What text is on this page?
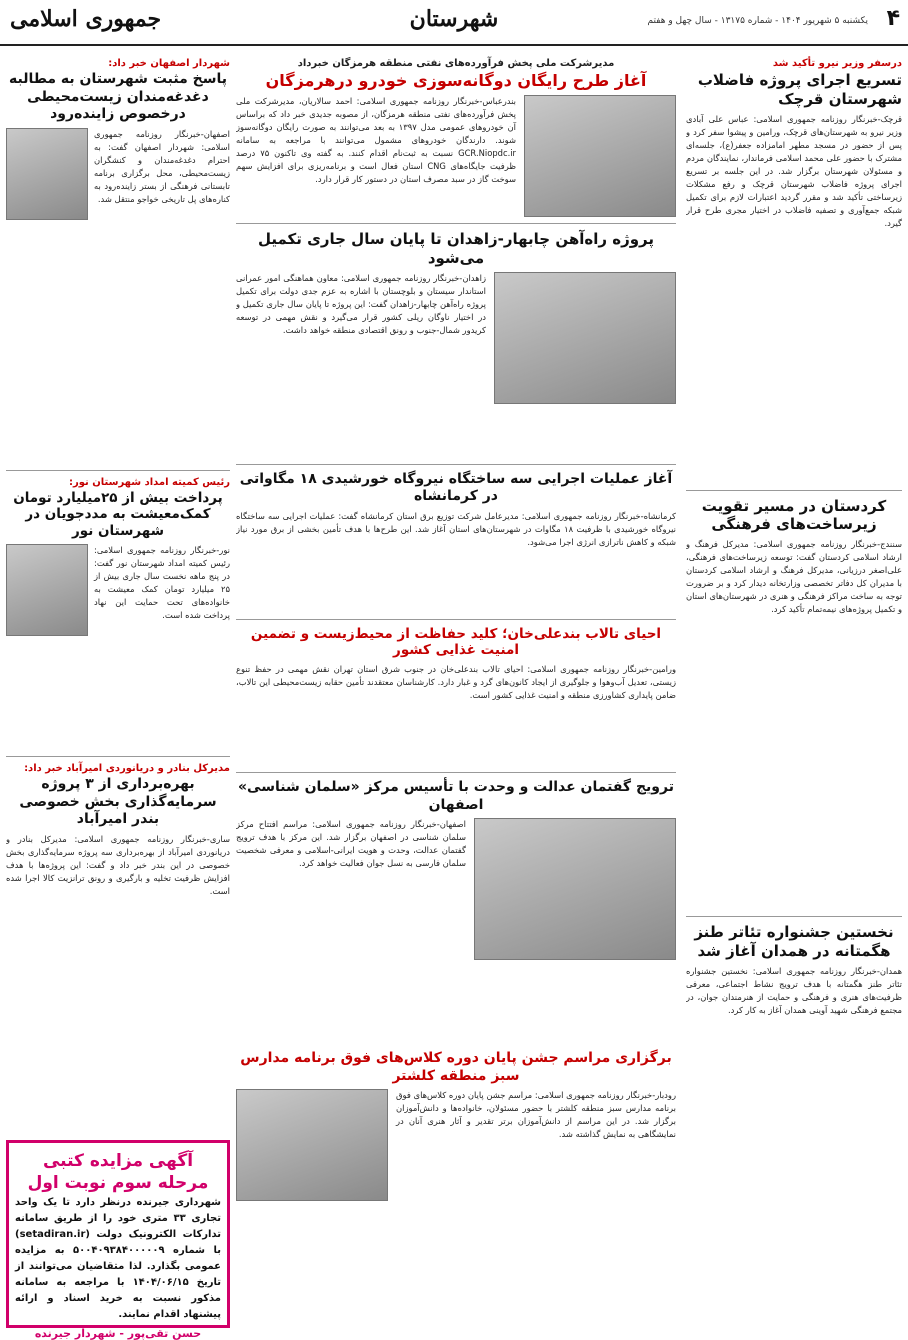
۴
یکشنبه ۵ شهریور ۱۴۰۴ - شماره ۱۳۱۷۵ - سال چهل و هفتم
شهرستان
جمهوری اسلامی
درسفر وزیر نیرو تأکید شد
تسریع اجرای پروژه فاضلاب شهرستان قرچک

قرچک-خبرنگار روزنامه جمهوری اسلامی: عباس علی آبادی وزیر نیرو به شهرستان‌های قرچک، ورامین و پیشوا سفر کرد و پس از حضور در مسجد مطهر امامزاده جعفر(ع)، جلسه‌ای مشترک با حضور علی محمد اسلامی فرماندار، نمایندگان مردم و مسئولان شهرستان برگزار شد. در این جلسه بر تسریع اجرای پروژه فاضلاب شهرستان قرچک و رفع مشکلات زیرساختی تأکید شد و مقرر گردید اعتبارات لازم برای تکمیل شبکه جمع‌آوری و تصفیه فاضلاب در اختیار مجری طرح قرار گیرد.

کردستان در مسیر تقویت زیرساخت‌های فرهنگی

سنندج-خبرنگار روزنامه جمهوری اسلامی: مدیرکل فرهنگ و ارشاد اسلامی کردستان گفت: توسعه زیرساخت‌های فرهنگی، علی‌اصغر درزیانی، مدیرکل فرهنگ و ارشاد اسلامی کردستان با مدیران کل دفاتر تخصصی وزارتخانه دیدار کرد و بر ضرورت توجه به ساخت مراکز فرهنگی و هنری در شهرستان‌های استان و تکمیل پروژه‌های نیمه‌تمام تأکید کرد.

نخستین جشنواره تئاتر طنز هگمتانه در همدان آغاز شد

همدان-خبرنگار روزنامه جمهوری اسلامی: نخستین جشنواره تئاتر طنز هگمتانه با هدف ترویج نشاط اجتماعی، معرفی ظرفیت‌های هنری و فرهنگی و حمایت از هنرمندان جوان، در مجتمع فرهنگی شهید آوینی همدان آغاز به کار کرد.

مدیرشرکت ملی پخش فرآورده‌های نفتی منطقه هرمزگان خبرداد
آغاز طرح رایگان دوگانه‌سوزی خودرو درهرمزگان

بندرعباس-خبرنگار روزنامه جمهوری اسلامی: احمد سالاریان، مدیرشرکت ملی پخش فرآورده‌های نفتی منطقه هرمزگان، از مصوبه جدیدی خبر داد که براساس آن خودروهای عمومی مدل ۱۳۹۷ به بعد می‌توانند به صورت رایگان دوگانه‌سوز شوند. دارندگان خودروهای مشمول می‌توانند با مراجعه به سامانه GCR.Niopdc.ir نسبت به ثبت‌نام اقدام کنند. به گفته وی تاکنون ۷۵ درصد ظرفیت جایگاه‌های CNG استان فعال است و برنامه‌ریزی برای افزایش سهم سوخت گاز در سبد مصرف استان در دستور کار قرار دارد.

پروژه راه‌آهن چابهار-زاهدان تا پایان سال جاری تکمیل می‌شود

زاهدان-خبرنگار روزنامه جمهوری اسلامی: معاون هماهنگی امور عمرانی استاندار سیستان و بلوچستان با اشاره به عزم جدی دولت برای تکمیل پروژه راه‌آهن چابهار-زاهدان گفت: این پروژه تا پایان سال جاری تکمیل و در اختیار ناوگان ریلی کشور قرار می‌گیرد و نقش مهمی در توسعه کریدور شمال-جنوب و رونق اقتصادی منطقه خواهد داشت.

آغاز عملیات اجرایی سه ساختگاه نیروگاه خورشیدی ۱۸ مگاواتی در کرمانشاه

کرمانشاه-خبرنگار روزنامه جمهوری اسلامی: مدیرعامل شرکت توزیع برق استان کرمانشاه گفت: عملیات اجرایی سه ساختگاه نیروگاه خورشیدی با ظرفیت ۱۸ مگاوات در شهرستان‌های استان آغاز شد. این طرح‌ها با هدف تأمین بخشی از برق مورد نیاز شبکه و کاهش ناترازی انرژی اجرا می‌شود.

احیای تالاب بندعلی‌خان؛ کلید حفاظت از محیط‌زیست و تضمین امنیت غذایی کشور

ورامین-خبرنگار روزنامه جمهوری اسلامی: احیای تالاب بندعلی‌خان در جنوب شرق استان تهران نقش مهمی در حفظ تنوع زیستی، تعدیل آب‌وهوا و جلوگیری از ایجاد کانون‌های گرد و غبار دارد. کارشناسان معتقدند تأمین حقابه زیست‌محیطی این تالاب، ضامن پایداری کشاورزی منطقه و امنیت غذایی کشور است.

ترویج گفتمان عدالت و وحدت با تأسیس مرکز «سلمان شناسی» اصفهان

اصفهان-خبرنگار روزنامه جمهوری اسلامی: مراسم افتتاح مرکز سلمان شناسی در اصفهان برگزار شد. این مرکز با هدف ترویج گفتمان عدالت، وحدت و هویت ایرانی-اسلامی و معرفی شخصیت سلمان فارسی به نسل جوان فعالیت خواهد کرد.

برگزاری مراسم جشن پایان دوره کلاس‌های فوق برنامه مدارس سبز منطقه کلشتر

رودبار-خبرنگار روزنامه جمهوری اسلامی: مراسم جشن پایان دوره کلاس‌های فوق برنامه مدارس سبز منطقه کلشتر با حضور مسئولان، خانواده‌ها و دانش‌آموزان برگزار شد. در این مراسم از دانش‌آموزان برتر تقدیر و آثار هنری آنان در نمایشگاهی به نمایش گذاشته شد.

شهردار اصفهان خبر داد:
پاسخ مثبت شهرستان به مطالبه دغدغه‌مندان زیست‌محیطی درخصوص زاینده‌رود

اصفهان-خبرنگار روزنامه جمهوری اسلامی: شهردار اصفهان گفت: به احترام دغدغه‌مندان و کنشگران زیست‌محیطی، محل برگزاری برنامه تابستانی فرهنگی از بستر زاینده‌رود به کناره‌های پل تاریخی خواجو منتقل شد.

رئیس کمیته امداد شهرستان نور:
پرداخت بیش از ۲۵میلیارد تومان کمک‌معیشت به مددجویان در شهرستان نور

نور-خبرنگار روزنامه جمهوری اسلامی: رئیس کمیته امداد شهرستان نور گفت: در پنج ماهه نخست سال جاری بیش از ۲۵ میلیارد تومان کمک معیشت به خانواده‌های تحت حمایت این نهاد پرداخت شده است.

مدیرکل بنادر و دریانوردی امیرآباد خبر داد:
بهره‌برداری از ۳ پروژه سرمایه‌گذاری بخش خصوصی بندر امیرآباد

ساری-خبرنگار روزنامه جمهوری اسلامی: مدیرکل بنادر و دریانوردی امیرآباد از بهره‌برداری سه پروژه سرمایه‌گذاری بخش خصوصی در این بندر خبر داد و گفت: این پروژه‌ها با هدف افزایش ظرفیت تخلیه و بارگیری و رونق ترانزیت کالا اجرا شده است.

آگهی مزایده کتبی
مرحله سوم نوبت اول
شهرداری جیرنده درنظر دارد تا یک واحد تجاری ۳۳ متری خود را از طریق سامانه تدارکات الکترونیک دولت (setadiran.ir) با شماره ۵۰۰۴۰۹۳۸۴۰۰۰۰۰۹ به مزایده عمومی بگذارد. لذا متقاضیان می‌توانند از تاریخ ۱۴۰۴/۰۶/۱۵ با مراجعه به سامانه مذکور نسبت به خرید اسناد و ارائه پیشنهاد اقدام نمایند.
حسن تقی‌پور - شهردار جیرنده
